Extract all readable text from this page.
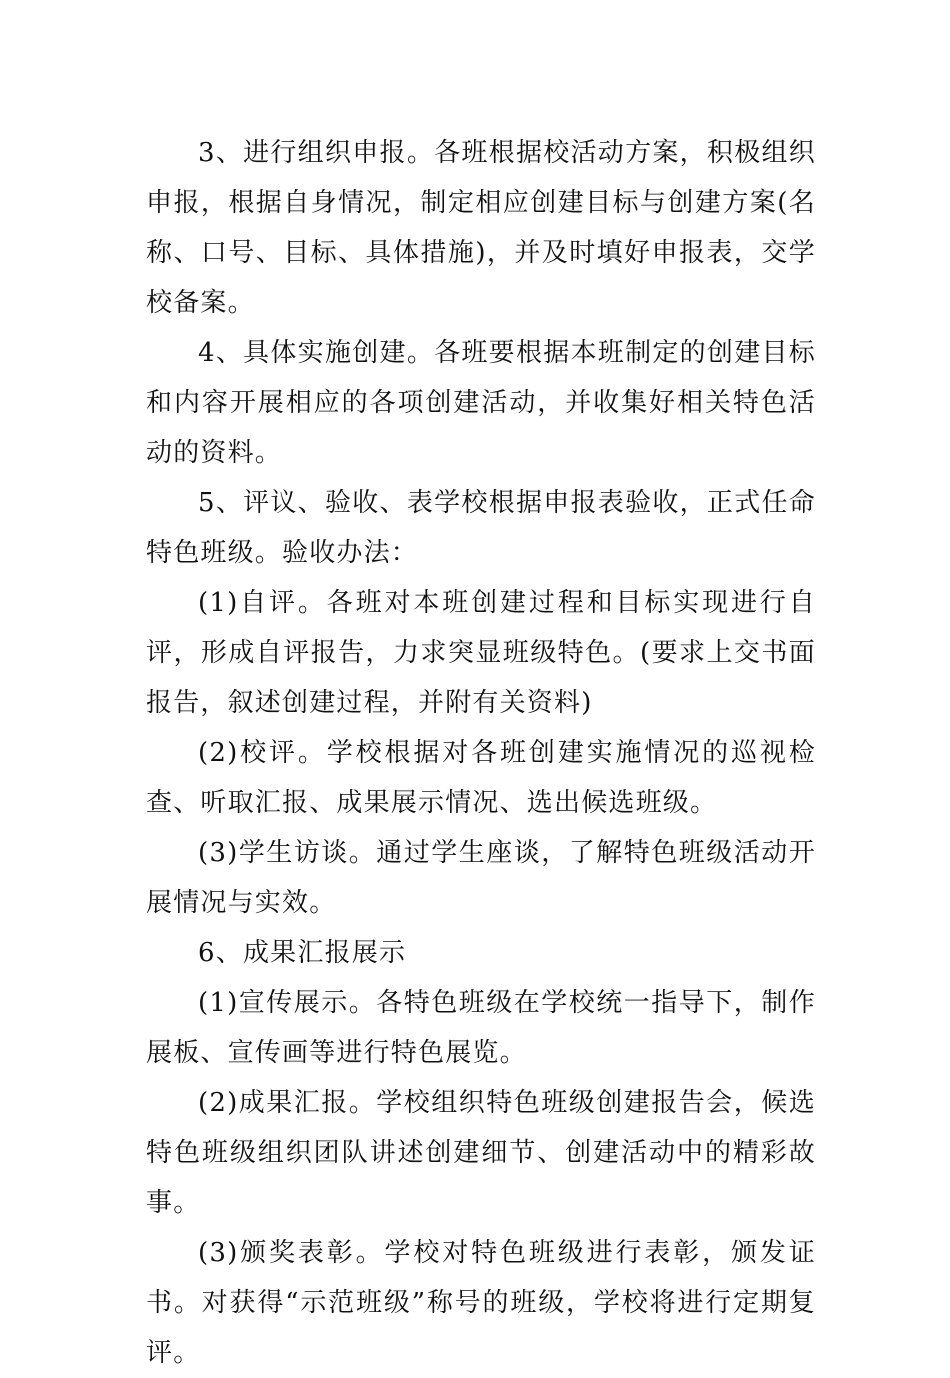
3、进行组织申报。各班根据校活动方案，积极组织申报，根据自身情况，制定相应创建目标与创建方案(名称、口号、目标、具体措施)，并及时填好申报表，交学校备案。

4、具体实施创建。各班要根据本班制定的创建目标和内容开展相应的各项创建活动，并收集好相关特色活动的资料。

5、评议、验收、表学校根据申报表验收，正式任命特色班级。验收办法：

(1)自评。各班对本班创建过程和目标实现进行自评，形成自评报告，力求突显班级特色。(要求上交书面报告，叙述创建过程，并附有关资料)

(2)校评。学校根据对各班创建实施情况的巡视检查、听取汇报、成果展示情况、选出候选班级。

(3)学生访谈。通过学生座谈，了解特色班级活动开展情况与实效。

6、成果汇报展示

(1)宣传展示。各特色班级在学校统一指导下，制作展板、宣传画等进行特色展览。

(2)成果汇报。学校组织特色班级创建报告会，候选特色班级组织团队讲述创建细节、创建活动中的精彩故事。

(3)颁奖表彰。学校对特色班级进行表彰，颁发证书。对获得“示范班级”称号的班级，学校将进行定期复评。
